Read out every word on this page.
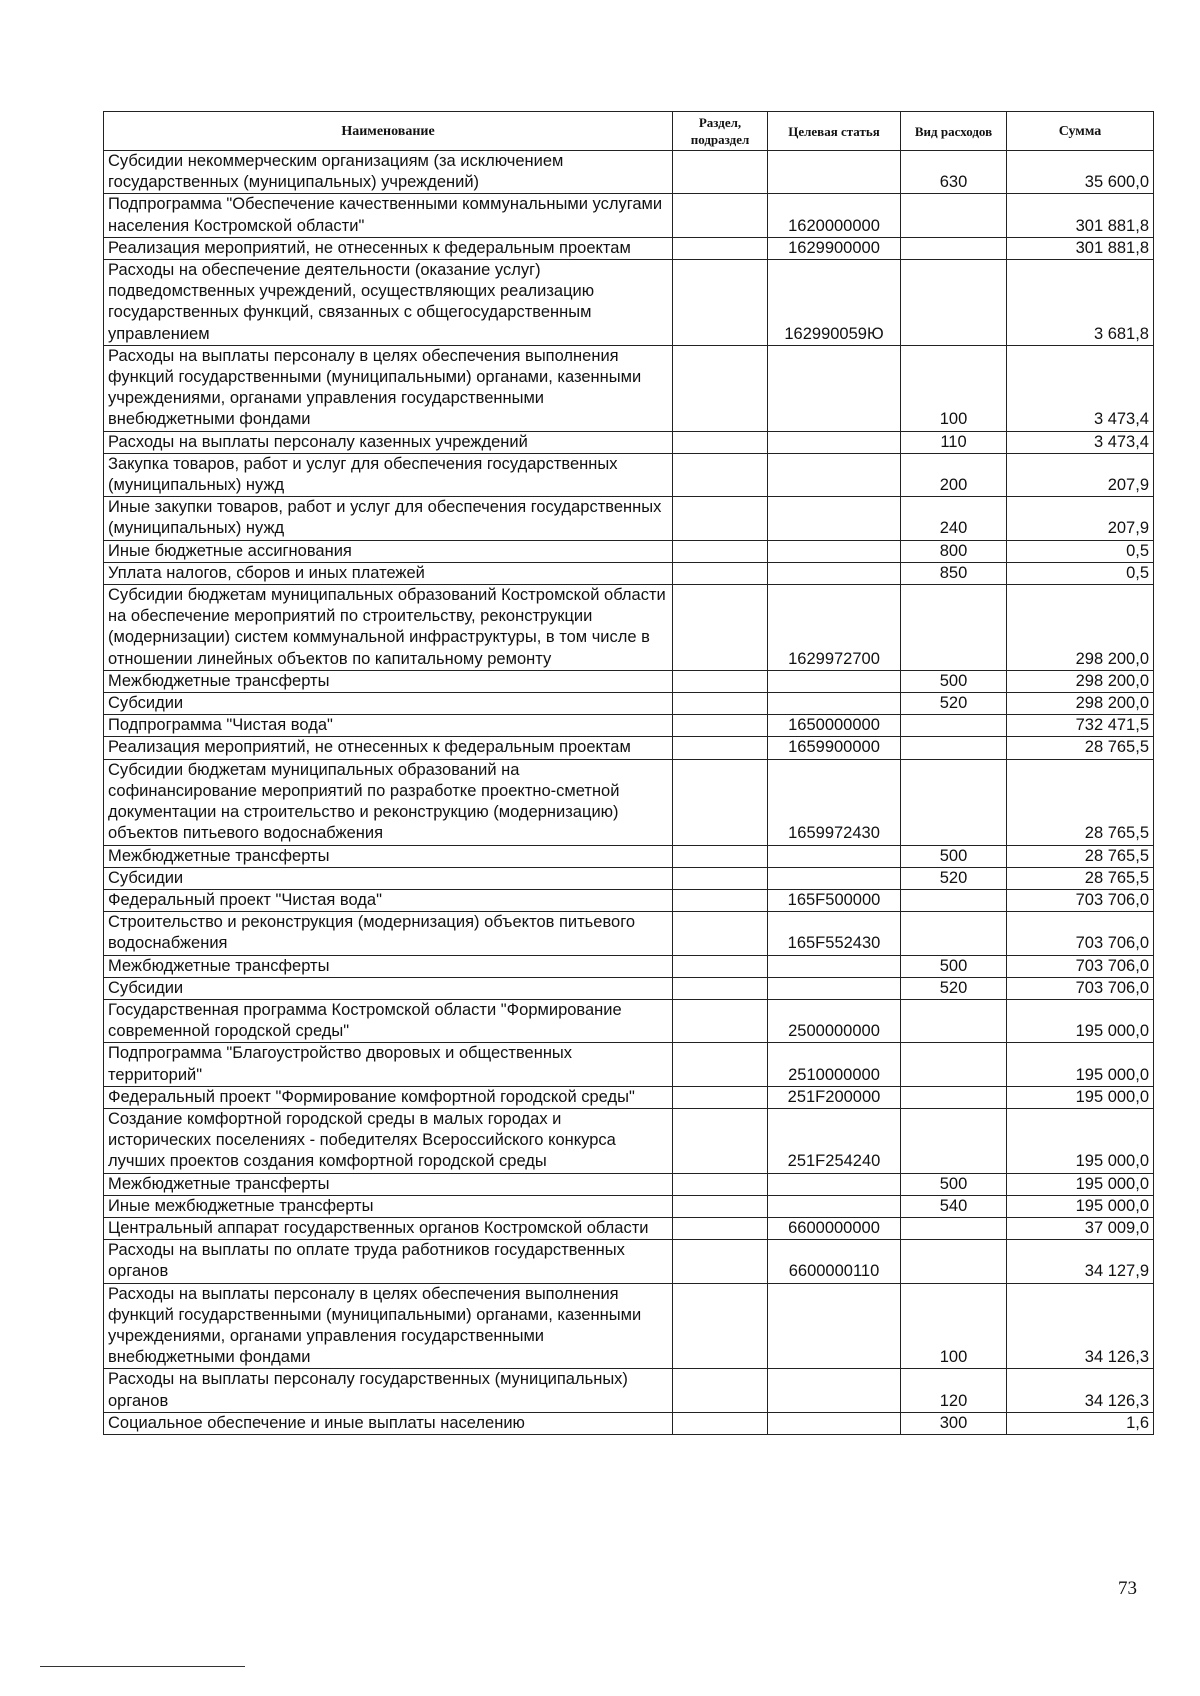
Наименование	Раздел, подраздел	Целевая статья	Вид расходов	Сумма
Субсидии некоммерческим организациям (за исключением государственных (муниципальных) учреждений)			630	35 600,0
Подпрограмма "Обеспечение качественными коммунальными услугами населения Костромской области"		1620000000		301 881,8
Реализация мероприятий, не отнесенных к федеральным проектам		1629900000		301 881,8
Расходы на обеспечение деятельности (оказание услуг) подведомственных учреждений, осуществляющих реализацию государственных функций, связанных с общегосударственным управлением		162990059Ю		3 681,8
Расходы на выплаты персоналу в целях обеспечения выполнения функций государственными (муниципальными) органами, казенными учреждениями, органами управления государственными внебюджетными фондами			100	3 473,4
Расходы на выплаты персоналу казенных учреждений			110	3 473,4
Закупка товаров, работ и услуг для обеспечения государственных (муниципальных) нужд			200	207,9
Иные закупки товаров, работ и услуг для обеспечения государственных (муниципальных) нужд			240	207,9
Иные бюджетные ассигнования			800	0,5
Уплата налогов, сборов и иных платежей			850	0,5
Субсидии бюджетам муниципальных образований Костромской области на обеспечение мероприятий по строительству, реконструкции (модернизации) систем коммунальной инфраструктуры, в том числе в отношении линейных объектов по капитальному ремонту		1629972700		298 200,0
Межбюджетные трансферты			500	298 200,0
Субсидии			520	298 200,0
Подпрограмма "Чистая вода"		1650000000		732 471,5
Реализация мероприятий, не отнесенных к федеральным проектам		1659900000		28 765,5
Субсидии бюджетам муниципальных образований на софинансирование мероприятий по разработке проектно-сметной документации на строительство и реконструкцию (модернизацию) объектов питьевого водоснабжения		1659972430		28 765,5
Межбюджетные трансферты			500	28 765,5
Субсидии			520	28 765,5
Федеральный проект "Чистая вода"		165F500000		703 706,0
Строительство и реконструкция (модернизация) объектов питьевого водоснабжения		165F552430		703 706,0
Межбюджетные трансферты			500	703 706,0
Субсидии			520	703 706,0
Государственная программа Костромской области "Формирование современной городской среды"		2500000000		195 000,0
Подпрограмма "Благоустройство дворовых и общественных территорий"		2510000000		195 000,0
Федеральный проект "Формирование комфортной городской среды"		251F200000		195 000,0
Создание комфортной городской среды в малых городах и исторических поселениях - победителях Всероссийского конкурса лучших проектов создания комфортной городской среды		251F254240		195 000,0
Межбюджетные трансферты			500	195 000,0
Иные межбюджетные трансферты			540	195 000,0
Центральный аппарат государственных органов Костромской области		6600000000		37 009,0
Расходы на выплаты по оплате труда работников государственных органов		6600000110		34 127,9
Расходы на выплаты персоналу в целях обеспечения выполнения функций государственными (муниципальными) органами, казенными учреждениями, органами управления государственными внебюджетными фондами			100	34 126,3
Расходы на выплаты персоналу государственных (муниципальных) органов			120	34 126,3
Социальное обеспечение и иные выплаты населению			300	1,6
73
